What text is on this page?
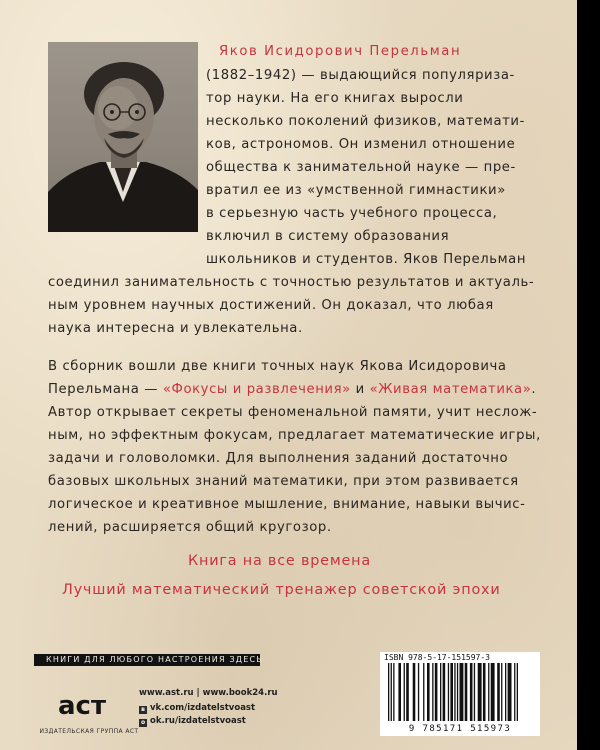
Яков Исидорович Перельман
(1882–1942) — выдающийся популяриза-
тор науки. На его книгах выросли
несколько поколений физиков, математи-
ков, астрономов. Он изменил отношение
общества к занимательной науке — пре-
вратил ее из «умственной гимнастики»
в серьезную часть учебного процесса,
включил в систему образования
школьников и студентов. Яков Перельман
соединил занимательность с точностью результатов и актуаль-
ным уровнем научных достижений. Он доказал, что любая
наука интересна и увлекательна.
В сборник вошли две книги точных наук Якова Исидоровича
Перельмана — «Фокусы и развлечения» и «Живая математика».
Автор открывает секреты феноменальной памяти, учит неслож-
ным, но эффектным фокусам, предлагает математические игры,
задачи и головоломки. Для выполнения заданий достаточно
базовых школьных знаний математики, при этом развивается
логическое и креативное мышление, внимание, навыки вычис-
лений, расширяется общий кругозор.
Книга на все времена
Лучший математический тренажер советской эпохи
КНИГИ ДЛЯ ЛЮБОГО НАСТРОЕНИЯ ЗДЕСЬ
аст
ИЗДАТЕЛЬСКАЯ ГРУППА АСТ
www.ast.ru | www.book24.ru
в vk.com/izdatelstvoast
о ok.ru/izdatelstvoast
ISBN 978-5-17-151597-3
9 785171 515973
